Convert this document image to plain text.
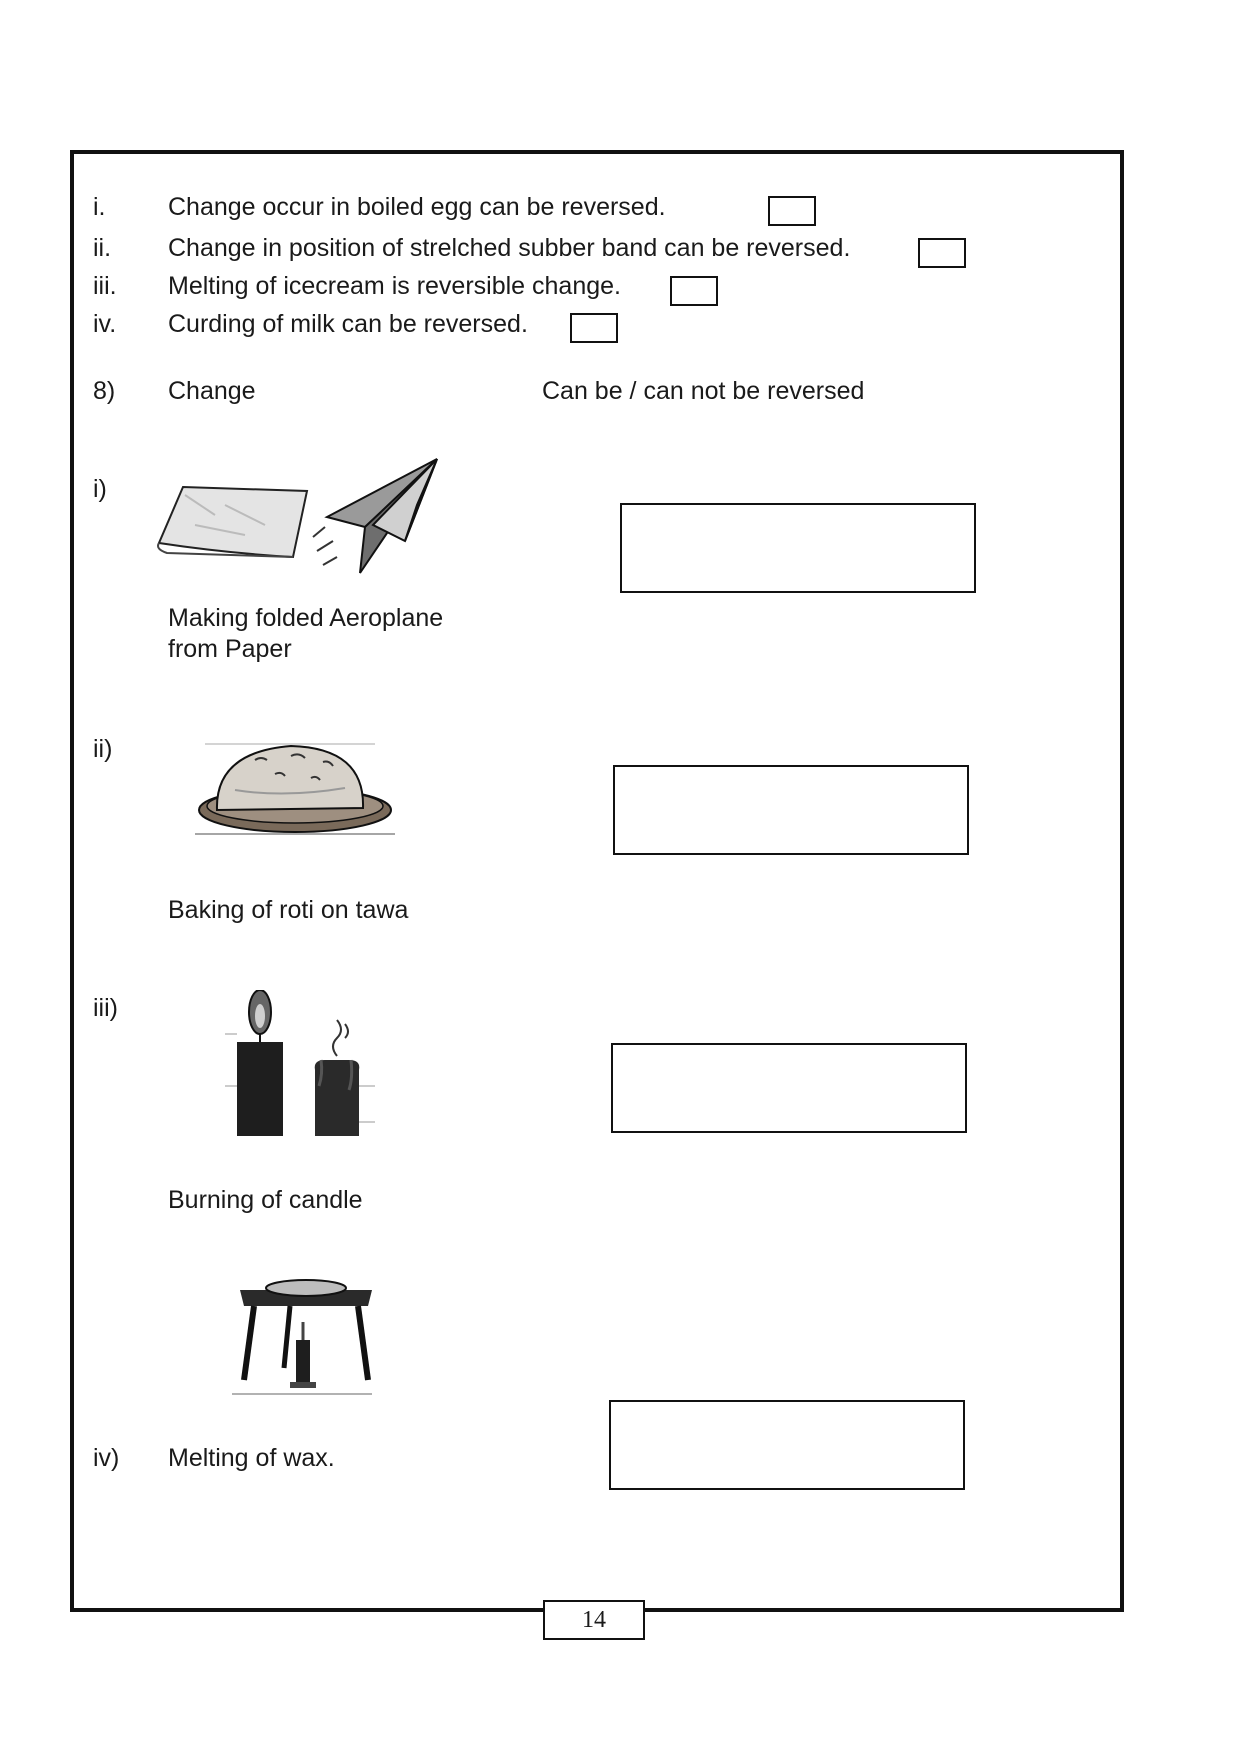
i.	Change occur in boiled egg can be reversed.
ii. Change in position of strelched subber band can be reversed.
iii. Melting of icecream is reversible change.
iv. Curding of milk can be reversed.
8) Change	Can be / can not be reversed
i)
Making folded Aeroplane
from Paper
ii)
Baking of roti on tawa
iii)
Burning of candle
iv) Melting of wax.
14
